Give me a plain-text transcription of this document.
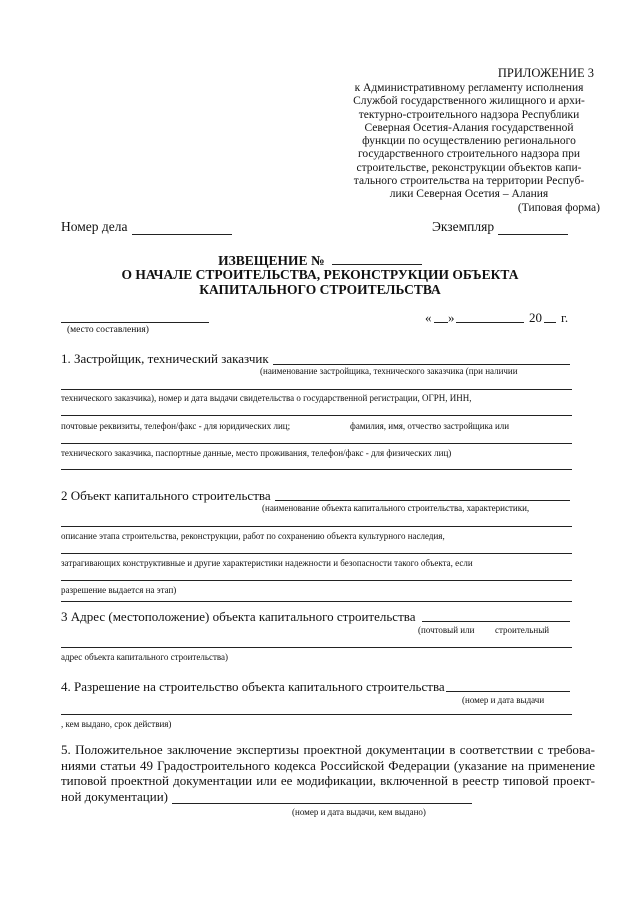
ПРИЛОЖЕНИЕ 3
к Административному регламенту исполнения
Службой государственного жилищного и архи-
тектурно-строительного надзора Республики
Северная Осетия-Алания государственной
функции по осуществлению регионального
государственного строительного надзора при
строительстве, реконструкции объектов капи-
тального строительства на территории Респуб-
лики Северная Осетия – Алания
(Типовая форма)
Номер дела	Экземпляр
ИЗВЕЩЕНИЕ №
О НАЧАЛЕ СТРОИТЕЛЬСТВА, РЕКОНСТРУКЦИИ ОБЪЕКТА
КАПИТАЛЬНОГО СТРОИТЕЛЬСТВА
(место составления)
« »	20 г.
1. Застройщик, технический заказчик
(наименование застройщика, технического заказчика (при наличии
технического заказчика), номер и дата выдачи свидетельства о государственной регистрации, ОГРН, ИНН,
почтовые реквизиты, телефон/факс - для юридических лиц;	фамилия, имя, отчество застройщика или
технического заказчика, паспортные данные, место проживания, телефон/факс - для физических лиц)
2 Объект капитального строительства
(наименование объекта капитального строительства, характеристики,
описание этапа строительства, реконструкции, работ по сохранению объекта культурного наследия,
затрагивающих конструктивные и другие характеристики надежности и безопасности такого объекта, если
разрешение выдается на этап)
3 Адрес (местоположение) объекта капитального строительства
(почтовый или строительный
адрес объекта капитального строительства)
4. Разрешение на строительство объекта капитального строительства
(номер и дата выдачи
, кем выдано, срок действия)

5. Положительное заключение экспертизы проектной документации в соответствии с требова-ниями статьи 49 Градостроительного кодекса Российской Федерации (указание на применение типовой проектной документации или ее модификации, включенной в реестр типовой проект-ной документации)

(номер и дата выдачи, кем выдано)
